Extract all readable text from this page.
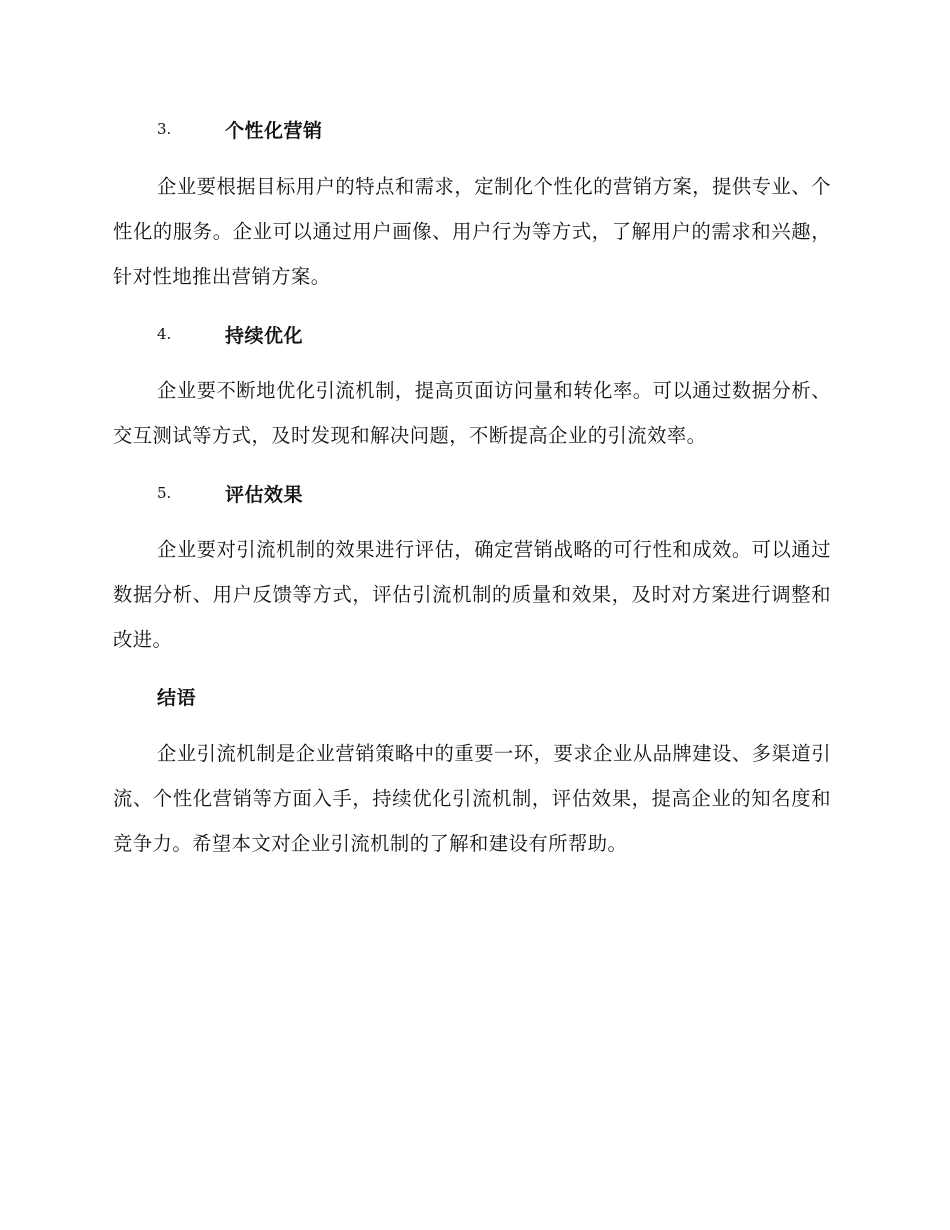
3.	个性化营销

企业要根据目标用户的特点和需求，定制化个性化的营销方案，提供专业、个性化的服务。企业可以通过用户画像、用户行为等方式，了解用户的需求和兴趣，针对性地推出营销方案。

4.	持续优化

企业要不断地优化引流机制，提高页面访问量和转化率。可以通过数据分析、交互测试等方式，及时发现和解决问题，不断提高企业的引流效率。

5.	评估效果

企业要对引流机制的效果进行评估，确定营销战略的可行性和成效。可以通过数据分析、用户反馈等方式，评估引流机制的质量和效果，及时对方案进行调整和改进。

结语

企业引流机制是企业营销策略中的重要一环，要求企业从品牌建设、多渠道引流、个性化营销等方面入手，持续优化引流机制，评估效果，提高企业的知名度和竞争力。希望本文对企业引流机制的了解和建设有所帮助。
